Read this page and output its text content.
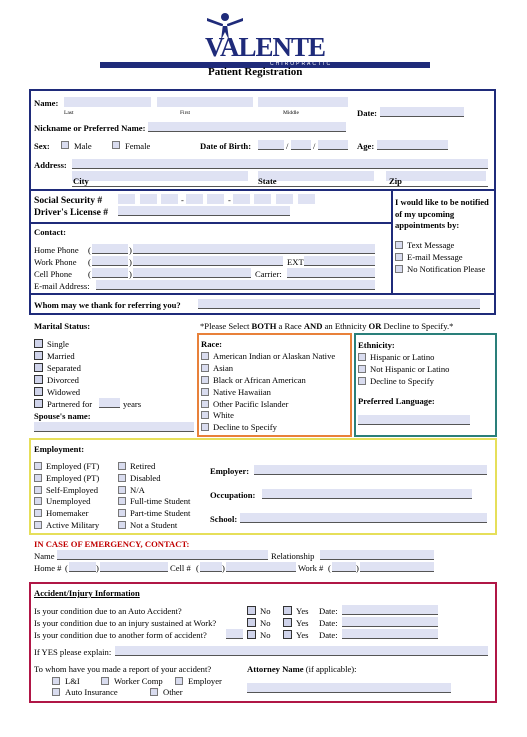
VALENTE
CHIROPRACTIC
Patient Registration
Name:
Last	First	Middle	Date:
Nickname or Preferred Name:
Sex:	Male	Female	Date of Birth:	/	/	Age:
Address:
City	State	Zip
Social Security #	-	-
Driver's License #
I would like to be notified of my upcoming appointments by:
Text Message
E-mail Message
No Notification Please
Contact:
Home Phone (	)
Work Phone (	)	EXT
Cell Phone (	)	Carrier:
E-mail Address:
Whom may we thank for referring you?
Marital Status:	*Please Select BOTH a Race AND an Ethnicity OR Decline to Specify.*
Single
Married
Separated
Divorced
Widowed
Partnered for	years
Spouse's name:
Race:
American Indian or Alaskan Native
Asian
Black or African American
Native Hawaiian
Other Pacific Islander
White
Decline to Specify
Ethnicity:
Hispanic or Latino
Not Hispanic or Latino
Decline to Specify
Preferred Language:
Employment:
Employed (FT)
Employed (PT)
Self-Employed
Unemployed
Homemaker
Active Military
Retired
Disabled
N/A
Full-time Student
Part-time Student
Not a Student
Employer:
Occupation:
School:
IN CASE OF EMERGENCY, CONTACT:
Name	Relationship
Home # (	)	Cell # (	)	Work # (	)
Accident/Injury Information
Is your condition due to an Auto Accident?	No	Yes Date:
Is your condition due to an injury sustained at Work?	No	Yes Date:
Is your condition due to another form of accident?	No	Yes Date:
If YES please explain:
To whom have you made a report of your accident?
L&I	Worker Comp	Employer
Auto Insurance	Other
Attorney Name (if applicable):
